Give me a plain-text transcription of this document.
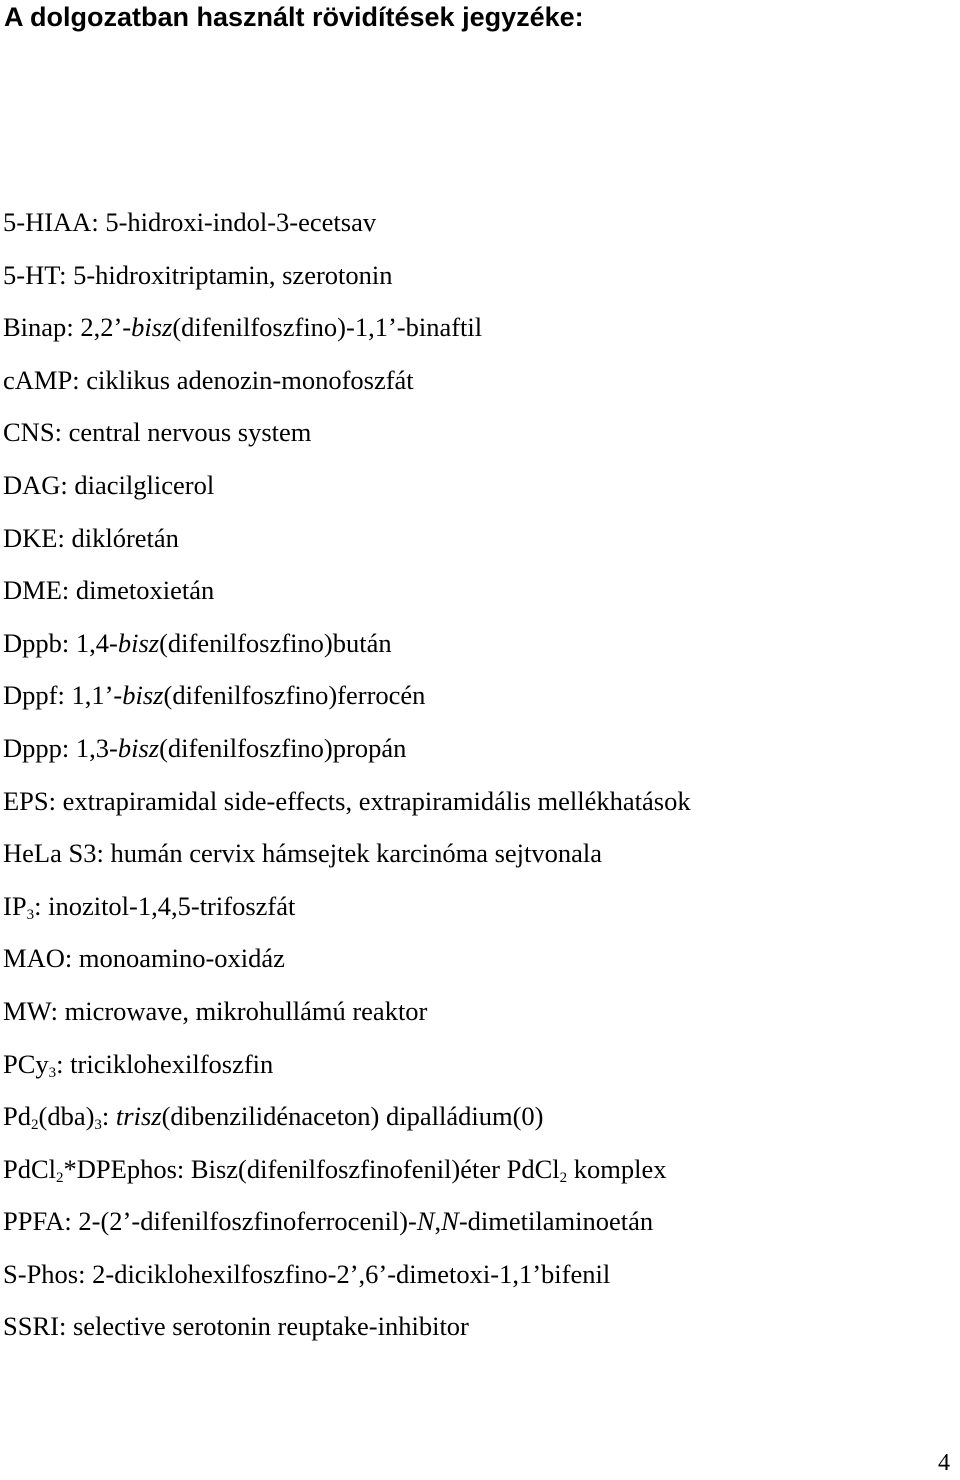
A dolgozatban használt rövidítések jegyzéke:
5-HIAA: 5-hidroxi-indol-3-ecetsav
5-HT: 5-hidroxitriptamin, szerotonin
Binap: 2,2’-bisz(difenilfoszfino)-1,1’-binaftil
cAMP: ciklikus adenozin-monofoszfát
CNS: central nervous system
DAG: diacilglicerol
DKE: diklóretán
DME: dimetoxietán
Dppb: 1,4-bisz(difenilfoszfino)bután
Dppf: 1,1’-bisz(difenilfoszfino)ferrocén
Dppp: 1,3-bisz(difenilfoszfino)propán
EPS: extrapiramidal side-effects, extrapiramidális mellékhatások
HeLa S3: humán cervix hámsejtek karcinóma sejtvonala
$IP_3$: inozitol-1,4,5-trifoszfát
MAO: monoamino-oxidáz
MW: microwave, mikrohullámú reaktor
PCy$_3$: triciklohexilfoszfin
$Pd_2(dba)_3$: trisz(dibenzilidénaceton) dipalládium(0)
PdCl$_2$*DPEphos: Bisz(difenilfoszfinofenil)éter PdCl$_2$ komplex
PPFA: 2-(2’-difenilfoszfinoferrocenil)-N,N-dimetilaminoetán
S-Phos: 2-diciklohexilfoszfino-2’,6’-dimetoxi-1,1’bifenil
SSRI: selective serotonin reuptake-inhibitor
4
